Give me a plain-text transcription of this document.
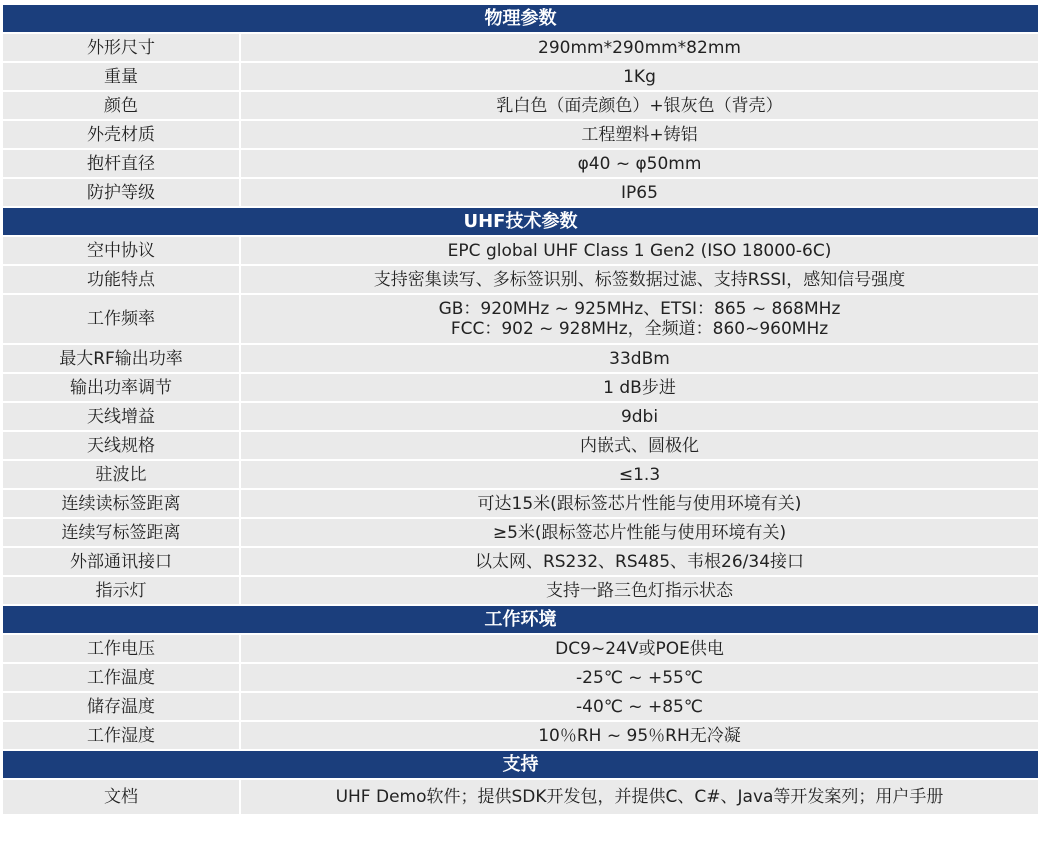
物理参数	
外形尺寸	290mm*290mm*82mm
重量	1Kg
颜色	乳白色（面壳颜色）+银灰色（背壳）
外壳材质	工程塑料+铸铝
抱杆直径	φ40 ~ φ50mm
防护等级	IP65
UHF技术参数	
空中协议	EPC global UHF Class 1 Gen2 (ISO 18000-6C)
功能特点	支持密集读写、多标签识别、标签数据过滤、支持RSSI，感知信号强度
工作频率	GB：920MHz ~ 925MHz、ETSI：865 ~ 868MHz
FCC：902 ~ 928MHz，全频道：860~960MHz

最大RF输出功率	33dBm
输出功率调节	1 dB步进
天线增益	9dbi
天线规格	内嵌式、圆极化
驻波比	≤1.3
连续读标签距离	可达15米(跟标签芯片性能与使用环境有关)
连续写标签距离	≥5米(跟标签芯片性能与使用环境有关)
外部通讯接口	以太网、RS232、RS485、韦根26/34接口
指示灯	支持一路三色灯指示状态
工作环境	
工作电压	DC9~24V或POE供电
工作温度	-25℃ ~ +55℃
储存温度	-40℃ ~ +85℃
工作湿度	10％RH ~ 95％RH无冷凝
支持	
文档	UHF Demo软件；提供SDK开发包，并提供C、C#、Java等开发案列；用户手册
